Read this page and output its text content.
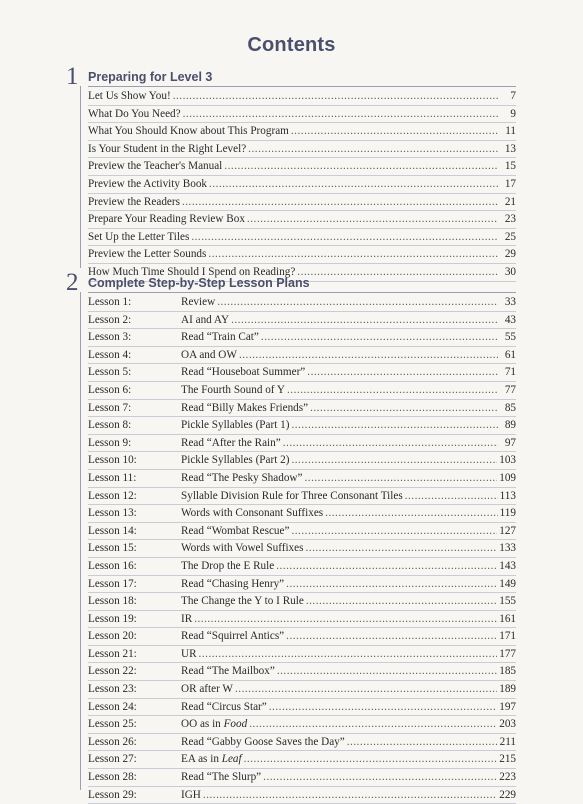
Contents
1 Preparing for Level 3
Let Us Show You! .....	7
What Do You Need? .....	9
What You Should Know about This Program .....	11
Is Your Student in the Right Level? .....	13
Preview the Teacher's Manual .....	15
Preview the Activity Book .....	17
Preview the Readers .....	21
Prepare Your Reading Review Box .....	23
Set Up the Letter Tiles .....	25
Preview the Letter Sounds .....	29
How Much Time Should I Spend on Reading? .....	30
2 Complete Step-by-Step Lesson Plans
Lesson 1:	Review .....	33
Lesson 2:	AI and AY .....	43
Lesson 3:	Read “Train Cat” .....	55
Lesson 4:	OA and OW .....	61
Lesson 5:	Read “Houseboat Summer” .....	71
Lesson 6:	The Fourth Sound of Y .....	77
Lesson 7:	Read “Billy Makes Friends” .....	85
Lesson 8:	Pickle Syllables (Part 1) .....	89
Lesson 9:	Read “After the Rain” .....	97
Lesson 10:	Pickle Syllables (Part 2) .....	103
Lesson 11:	Read “The Pesky Shadow” .....	109
Lesson 12:	Syllable Division Rule for Three Consonant Tiles .....	113
Lesson 13:	Words with Consonant Suffixes .....	119
Lesson 14:	Read “Wombat Rescue” .....	127
Lesson 15:	Words with Vowel Suffixes .....	133
Lesson 16:	The Drop the E Rule .....	143
Lesson 17:	Read “Chasing Henry” .....	149
Lesson 18:	The Change the Y to I Rule .....	155
Lesson 19:	IR .....	161
Lesson 20:	Read “Squirrel Antics” .....	171
Lesson 21:	UR .....	177
Lesson 22:	Read “The Mailbox” .....	185
Lesson 23:	OR after W .....	189
Lesson 24:	Read “Circus Star” .....	197
Lesson 25:	OO as in Food .....	203
Lesson 26:	Read “Gabby Goose Saves the Day” .....	211
Lesson 27:	EA as in Leaf .....	215
Lesson 28:	Read “The Slurp” .....	223
Lesson 29:	IGH .....	229
